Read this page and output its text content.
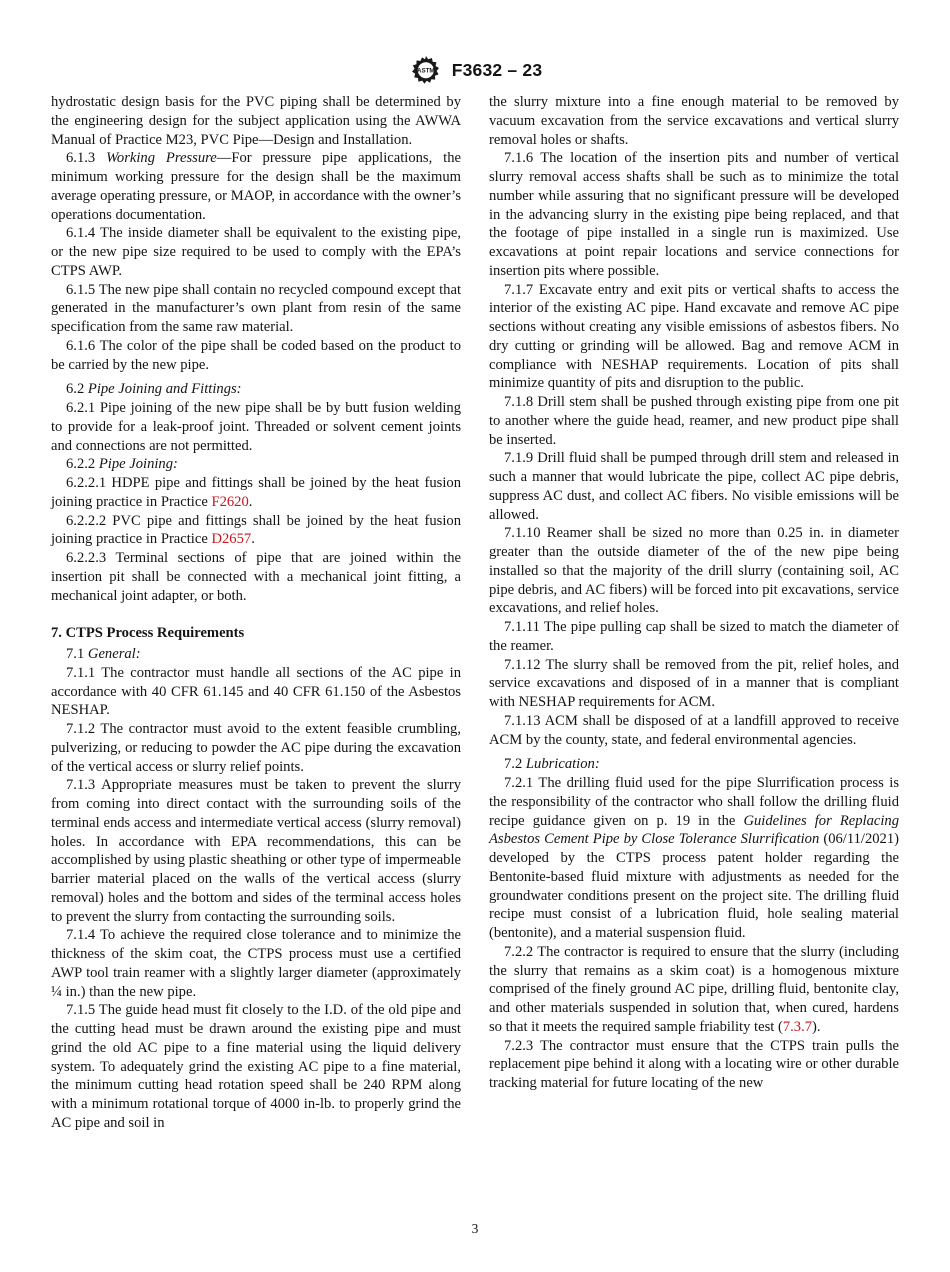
ASTM F3632 – 23

hydrostatic design basis for the PVC piping shall be determined by the engineering design for the subject application using the AWWA Manual of Practice M23, PVC Pipe—Design and Installation.

6.1.3 Working Pressure—For pressure pipe applications, the minimum working pressure for the design shall be the maximum average operating pressure, or MAOP, in accordance with the owner’s operations documentation.

6.1.4 The inside diameter shall be equivalent to the existing pipe, or the new pipe size required to be used to comply with the EPA’s CTPS AWP.

6.1.5 The new pipe shall contain no recycled compound except that generated in the manufacturer’s own plant from resin of the same specification from the same raw material.

6.1.6 The color of the pipe shall be coded based on the product to be carried by the new pipe.

6.2 Pipe Joining and Fittings:

6.2.1 Pipe joining of the new pipe shall be by butt fusion welding to provide for a leak-proof joint. Threaded or solvent cement joints and connections are not permitted.

6.2.2 Pipe Joining:

6.2.2.1 HDPE pipe and fittings shall be joined by the heat fusion joining practice in Practice F2620.

6.2.2.2 PVC pipe and fittings shall be joined by the heat fusion joining practice in Practice D2657.

6.2.2.3 Terminal sections of pipe that are joined within the insertion pit shall be connected with a mechanical joint fitting, a mechanical joint adapter, or both.

7. CTPS Process Requirements

7.1 General:

7.1.1 The contractor must handle all sections of the AC pipe in accordance with 40 CFR 61.145 and 40 CFR 61.150 of the Asbestos NESHAP.

7.1.2 The contractor must avoid to the extent feasible crumbling, pulverizing, or reducing to powder the AC pipe during the excavation of the vertical access or slurry relief points.

7.1.3 Appropriate measures must be taken to prevent the slurry from coming into direct contact with the surrounding soils of the terminal ends access and intermediate vertical access (slurry removal) holes. In accordance with EPA recommendations, this can be accomplished by using plastic sheathing or other type of impermeable barrier material placed on the walls of the vertical access (slurry removal) holes and the bottom and sides of the terminal access holes to prevent the slurry from contacting the surrounding soils.

7.1.4 To achieve the required close tolerance and to minimize the thickness of the skim coat, the CTPS process must use a certified AWP tool train reamer with a slightly larger diameter (approximately ¼ in.) than the new pipe.

7.1.5 The guide head must fit closely to the I.D. of the old pipe and the cutting head must be drawn around the existing pipe and must grind the old AC pipe to a fine material using the liquid delivery system. To adequately grind the existing AC pipe to a fine material, the minimum cutting head rotation speed shall be 240 RPM along with a minimum rotational torque of 4000 in-lb. to properly grind the AC pipe and soil in

the slurry mixture into a fine enough material to be removed by vacuum excavation from the service excavations and vertical slurry removal holes or shafts.

7.1.6 The location of the insertion pits and number of vertical slurry removal access shafts shall be such as to minimize the total number while assuring that no significant pressure will be developed in the advancing slurry in the existing pipe being replaced, and that the footage of pipe installed in a single run is maximized. Use excavations at point repair locations and service connections for insertion pits where possible.

7.1.7 Excavate entry and exit pits or vertical shafts to access the interior of the existing AC pipe. Hand excavate and remove AC pipe sections without creating any visible emissions of asbestos fibers. No dry cutting or grinding will be allowed. Bag and remove ACM in compliance with NESHAP requirements. Location of pits shall minimize quantity of pits and disruption to the public.

7.1.8 Drill stem shall be pushed through existing pipe from one pit to another where the guide head, reamer, and new product pipe shall be inserted.

7.1.9 Drill fluid shall be pumped through drill stem and released in such a manner that would lubricate the pipe, collect AC pipe debris, suppress AC dust, and collect AC fibers. No visible emissions will be allowed.

7.1.10 Reamer shall be sized no more than 0.25 in. in diameter greater than the outside diameter of the of the new pipe being installed so that the majority of the drill slurry (containing soil, AC pipe debris, and AC fibers) will be forced into pit excavations, service excavations, and relief holes.

7.1.11 The pipe pulling cap shall be sized to match the diameter of the reamer.

7.1.12 The slurry shall be removed from the pit, relief holes, and service excavations and disposed of in a manner that is compliant with NESHAP requirements for ACM.

7.1.13 ACM shall be disposed of at a landfill approved to receive ACM by the county, state, and federal environmental agencies.

7.2 Lubrication:

7.2.1 The drilling fluid used for the pipe Slurrification process is the responsibility of the contractor who shall follow the drilling fluid recipe guidance given on p. 19 in the Guidelines for Replacing Asbestos Cement Pipe by Close Tolerance Slurrification (06/11/2021) developed by the CTPS process patent holder regarding the Bentonite-based fluid mixture with adjustments as needed for the groundwater conditions present on the project site. The drilling fluid recipe must consist of a lubrication fluid, hole sealing material (bentonite), and a material suspension fluid.

7.2.2 The contractor is required to ensure that the slurry (including the slurry that remains as a skim coat) is a homogenous mixture comprised of the finely ground AC pipe, drilling fluid, bentonite clay, and other materials suspended in solution that, when cured, hardens so that it meets the required sample friability test (7.3.7).

7.2.3 The contractor must ensure that the CTPS train pulls the replacement pipe behind it along with a locating wire or other durable tracking material for future locating of the new

3
